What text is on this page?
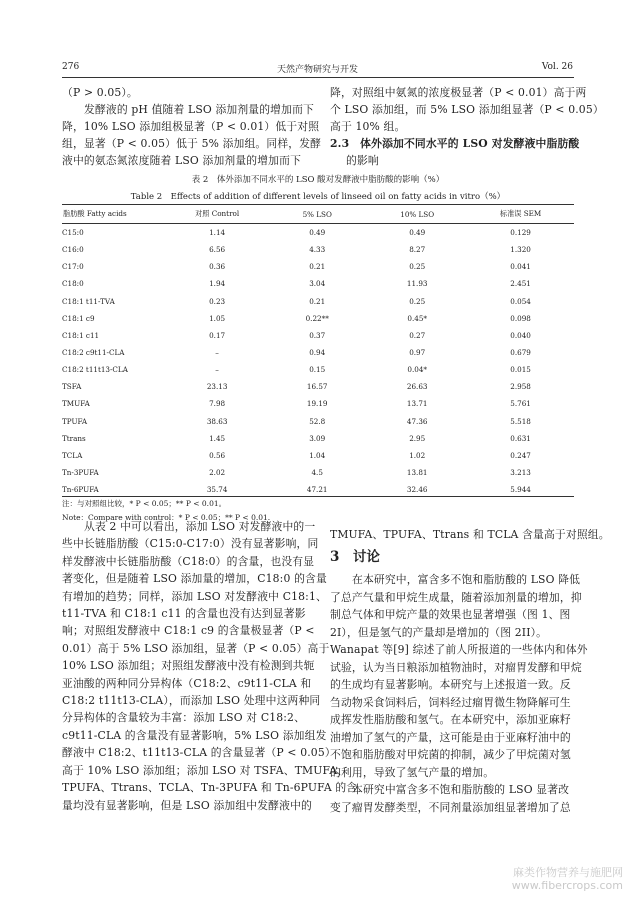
276	天然产物研究与开发	Vol. 26
（P > 0.05）。
发酵液的 pH 值随着 LSO 添加剂量的增加而下
降，10% LSO 添加组极显著（P < 0.01）低于对照
组，显著（P < 0.05）低于 5% 添加组。同样，发酵
液中的氨态氮浓度随着 LSO 添加剂量的增加而下
降，对照组中氨氮的浓度极显著（P < 0.01）高于两
个 LSO 添加组，而 5% LSO 添加组显著（P < 0.05）
高于 10% 组。
2.3　体外添加不同水平的 LSO 对发酵液中脂肪酸
的影响
表 2　体外添加不同水平的 LSO 酸对发酵液中脂肪酸的影响（%）
Table 2　Effects of addition of different levels of linseed oil on fatty acids in vitro（%）
脂肪酸 Fatty acids	对照 Control	5% LSO	10% LSO	标准误 SEM

C15:0	1.14	0.49	0.49	0.129
C16:0	6.56	4.33	8.27	1.320
C17:0	0.36	0.21	0.25	0.041
C18:0	1.94	3.04	11.93	2.451
C18:1 t11-TVA	0.23	0.21	0.25	0.054
C18:1 c9	1.05	0.22**	0.45*	0.098
C18:1 c11	0.17	0.37	0.27	0.040
C18:2 c9t11-CLA	–	0.94	0.97	0.679
C18:2 t11t13-CLA	–	0.15	0.04*	0.015
TSFA	23.13	16.57	26.63	2.958
TMUFA	7.98	19.19	13.71	5.761
TPUFA	38.63	52.8	47.36	5.518
Ttrans	1.45	3.09	2.95	0.631
TCLA	0.56	1.04	1.02	0.247
Tn-3PUFA	2.02	4.5	13.81	3.213
Tn-6PUFA	35.74	47.21	32.46	5.944
注：与对照组比较，* P < 0.05；** P < 0.01。
Note：Compare with control：* P < 0.05；** P < 0.01.
从表 2 中可以看出，添加 LSO 对发酵液中的一
些中长链脂肪酸（C15:0-C17:0）没有显著影响，同
样发酵液中长链脂肪酸（C18:0）的含量，也没有显
著变化，但是随着 LSO 添加量的增加，C18:0 的含量
有增加的趋势；同样，添加 LSO 对发酵液中 C18:1、
t11-TVA 和 C18:1 c11 的含量也没有达到显著影
响；对照组发酵液中 C18:1 c9 的含量极显著（P <
0.01）高于 5% LSO 添加组，显著（P < 0.05）高于
10% LSO 添加组；对照组发酵液中没有检测到共轭
亚油酸的两种同分异构体（C18:2、c9t11-CLA 和
C18:2 t11t13-CLA），而添加 LSO 处理中这两种同
分异构体的含量较为丰富：添加 LSO 对 C18:2、
c9t11-CLA 的含量没有显著影响，5% LSO 添加组发
酵液中 C18:2、t11t13-CLA 的含量显著（P < 0.05）
高于 10% LSO 添加组；添加 LSO 对 TSFA、TMUFA、
TPUFA、Ttrans、TCLA、Tn-3PUFA 和 Tn-6PUFA 的含
量均没有显著影响，但是 LSO 添加组中发酵液中的
TMUFA、TPUFA、Ttrans 和 TCLA 含量高于对照组。
3　讨论
在本研究中，富含多不饱和脂肪酸的 LSO 降低
了总产气量和甲烷生成量，随着添加剂量的增加，抑
制总气体和甲烷产量的效果也显著增强（图 1、图
2I），但是氢气的产量却是增加的（图 2II）。
Wanapat 等[9] 综述了前人所报道的一些体内和体外
试验，认为当日粮添加植物油时，对瘤胃发酵和甲烷
的生成均有显著影响。本研究与上述报道一致。反
刍动物采食饲料后，饲料经过瘤胃微生物降解可生
成挥发性脂肪酸和氢气。在本研究中，添加亚麻籽
油增加了氢气的产量，这可能是由于亚麻籽油中的
不饱和脂肪酸对甲烷菌的抑制，减少了甲烷菌对氢
的利用，导致了氢气产量的增加。
本研究中富含多不饱和脂肪酸的 LSO 显著改
变了瘤胃发酵类型，不同剂量添加组显著增加了总
麻类作物营养与施肥网
www.fibercrops.com
